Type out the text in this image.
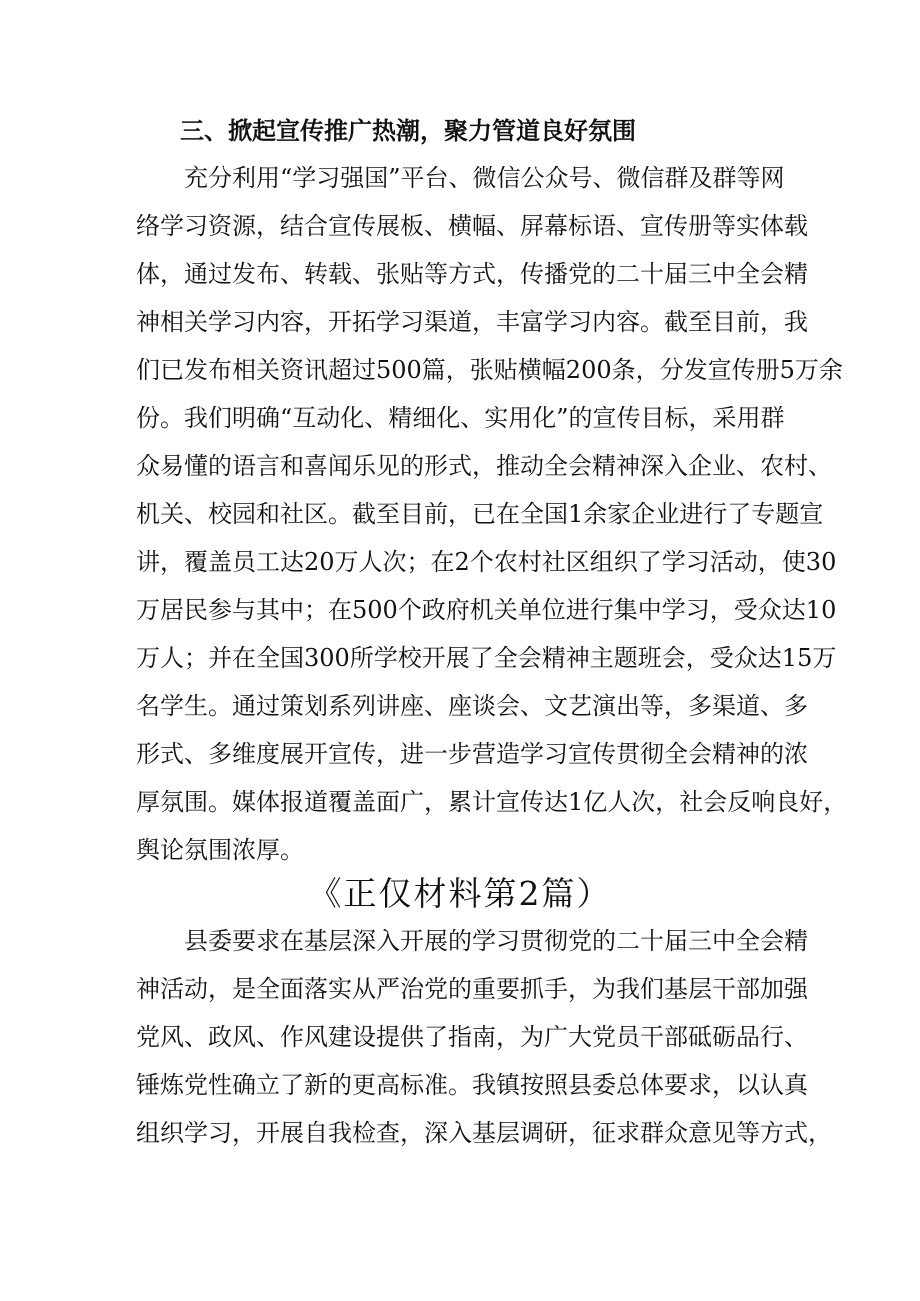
三、掀起宣传推广热潮，聚力管道良好氛围
充分利用“学习强国”平台、微信公众号、微信群及群等网
络学习资源，结合宣传展板、横幅、屏幕标语、宣传册等实体载
体，通过发布、转载、张贴等方式，传播党的二十届三中全会精
神相关学习内容，开拓学习渠道，丰富学习内容。截至目前，我
们已发布相关资讯超过500篇，张贴横幅200条，分发宣传册5万余
份。我们明确“互动化、精细化、实用化”的宣传目标，采用群
众易懂的语言和喜闻乐见的形式，推动全会精神深入企业、农村、
机关、校园和社区。截至目前，已在全国1余家企业进行了专题宣
讲，覆盖员工达20万人次；在2个农村社区组织了学习活动，使30
万居民参与其中；在500个政府机关单位进行集中学习，受众达10
万人；并在全国300所学校开展了全会精神主题班会，受众达15万
名学生。通过策划系列讲座、座谈会、文艺演出等，多渠道、多
形式、多维度展开宣传，进一步营造学习宣传贯彻全会精神的浓
厚氛围。媒体报道覆盖面广，累计宣传达1亿人次，社会反响良好，
舆论氛围浓厚。
《正仅材料第2篇）
县委要求在基层深入开展的学习贯彻党的二十届三中全会精
神活动，是全面落实从严治党的重要抓手，为我们基层干部加强
党风、政风、作风建设提供了指南，为广大党员干部砥砺品行、
锤炼党性确立了新的更高标准。我镇按照县委总体要求，以认真
组织学习，开展自我检查，深入基层调研，征求群众意见等方式，
